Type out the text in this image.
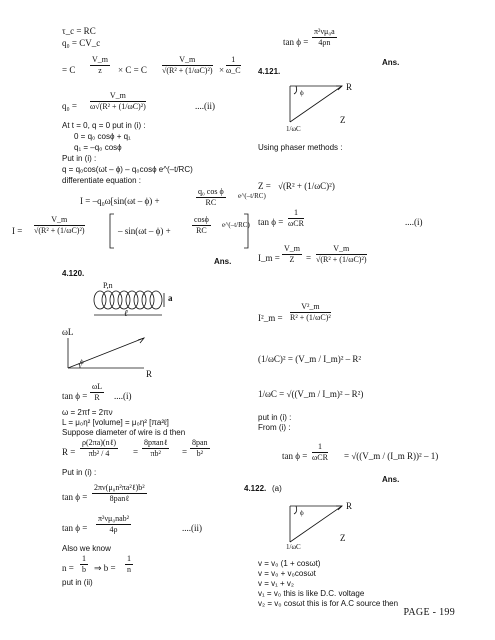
τ_c = RC
q₀ = CV_c
= C $\frac{V\_m}{z} \times C = C \frac{V\_m}{\text{√(R² + (1/ωC)²)}} \times \frac{1}{\omega\_C}$
$q_0 = \frac{V\_m}{\text{ω√(R² + (1/ωC)²)}}$	....(ii)
At t = 0, q = 0 put in (i) :
0 = q₀ cosϕ + q₁
q₁ = –q₀ cosϕ
Put in (i) :
q = q₀cos(ωt – ϕ) – q₀cosϕ e^(–t/RC)
differentiate equation :
I = –q₀ω[sin(ωt – ϕ) +	$\frac{\text{q₀ cos ϕ}}{RC}$ e^(–t/RC)
$I = \frac{V\_m}{\text{√(R² + (1/ωC)²)}}$	– sin(ωt – ϕ) +	$\frac{\cos\phi}{RC}$ e^(–t/RC)
Ans.
4.120.
P,n
a
ℓ
ωL
ϕ
R
$\tan \phi = \frac{\omega L}{R} ....(i)$
ω = 2πf = 2πν
L = μ₀η² [volume] = μ₀η² [πa²ℓ]
Suppose diameter of wire is d then
R =
ρ(2πa)(nℓ)
πb² / 4	=
8pπanℓ
πb²	=
8pan
b²
Put in (i) :
tan ϕ =
2πν(μ₀n²πa²ℓ)b²
8panℓ
tan ϕ =
π²νμ₀nab²
4ρ	....(ii)
Also we know
$n = \frac{1}{b}$ ⇒ $b = \frac{1}{n}$
put in (ii)
$\tan \phi = \frac{\text{π²νμ₀a}}{4\rho n}$
Ans.
4.121.
R
ϕ
Z
1/ωC
Using phaser methods :
Z = √(R² + (1/ωC)²)
tan ϕ =
1
ωCR	....(i)
I_m = $\frac{V\_m}{Z} = \frac{V\_m}{\text{√(R² + (1/ωC)²)}}$
I²_m = $\frac{\text{V²\_m}}{\text{R² + (1/ωC)²}}$
(1/ωC)² = (V_m / I_m)² – R²
1/ωC = √((V_m / I_m)² – R²)
put in (i) :
From (i) :
tan ϕ =
1
ωCR = √((V_m / (I_m R))² – 1)
Ans.
4.122. (a)
R
ϕ
Z
1/ωC
v = v₀ (1 + cosωt)
v = v₀ + v₀cosωt
v = v₁ + v₂
v₁ = v₀ this is like D.C. voltage
v₂ = v₀ cosωt this is for A.C source then
PAGE - 199
